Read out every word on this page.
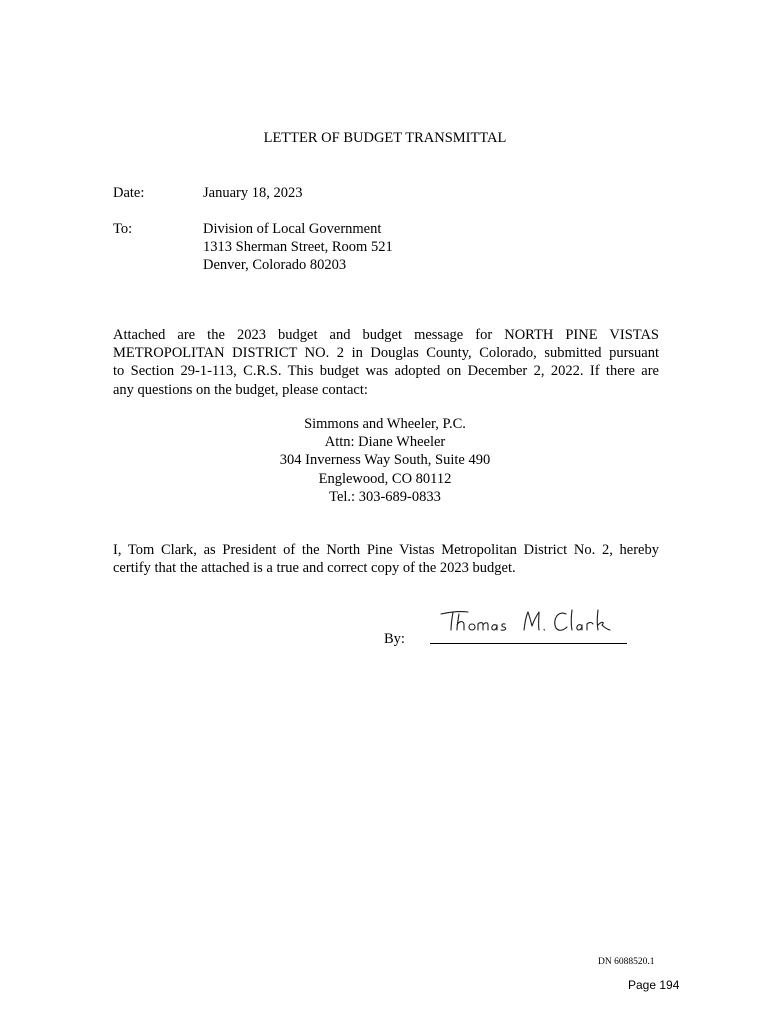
LETTER OF BUDGET TRANSMITTAL
Date:	January 18, 2023
To:	Division of Local Government
1313 Sherman Street, Room 521
Denver, Colorado 80203
Attached are the 2023 budget and budget message for NORTH PINE VISTAS
METROPOLITAN DISTRICT NO. 2 in Douglas County, Colorado, submitted pursuant
to Section 29-1-113, C.R.S. This budget was adopted on December 2, 2022. If there are
any questions on the budget, please contact:
Simmons and Wheeler, P.C.
Attn: Diane Wheeler
304 Inverness Way South, Suite 490
Englewood, CO 80112
Tel.: 303-689-0833
I, Tom Clark, as President of the North Pine Vistas Metropolitan District No. 2, hereby
certify that the attached is a true and correct copy of the 2023 budget.
By:
DN 6088520.1
Page 194
